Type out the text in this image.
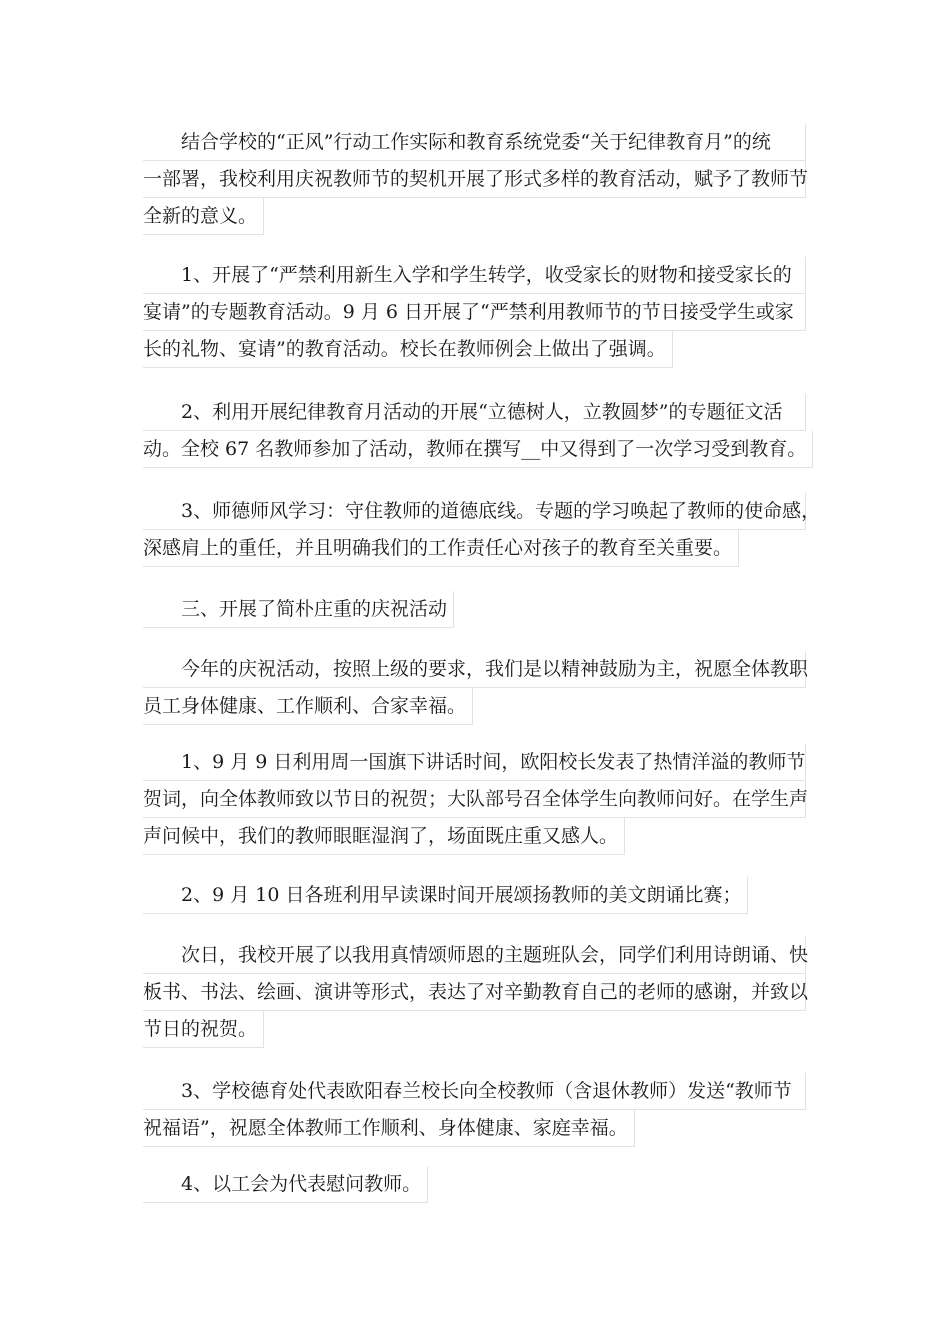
结合学校的“正风”行动工作实际和教育系统党委“关于纪律教育月”的统
一部署，我校利用庆祝教师节的契机开展了形式多样的教育活动，赋予了教师节
全新的意义。
1、开展了“严禁利用新生入学和学生转学，收受家长的财物和接受家长的
宴请”的专题教育活动。9 月 6 日开展了“严禁利用教师节的节日接受学生或家
长的礼物、宴请”的教育活动。校长在教师例会上做出了强调。
2、利用开展纪律教育月活动的开展“立德树人，立教圆梦”的专题征文活
动。全校 67 名教师参加了活动，教师在撰写__中又得到了一次学习受到教育。
3、师德师风学习：守住教师的道德底线。专题的学习唤起了教师的使命感，
深感肩上的重任，并且明确我们的工作责任心对孩子的教育至关重要。
三、开展了简朴庄重的庆祝活动
今年的庆祝活动，按照上级的要求，我们是以精神鼓励为主，祝愿全体教职
员工身体健康、工作顺利、合家幸福。
1、9 月 9 日利用周一国旗下讲话时间，欧阳校长发表了热情洋溢的教师节
贺词，向全体教师致以节日的祝贺；大队部号召全体学生向教师问好。在学生声
声问候中，我们的教师眼眶湿润了，场面既庄重又感人。
2、9 月 10 日各班利用早读课时间开展颂扬教师的美文朗诵比赛；
次日，我校开展了以我用真情颂师恩的主题班队会，同学们利用诗朗诵、快
板书、书法、绘画、演讲等形式，表达了对辛勤教育自己的老师的感谢，并致以
节日的祝贺。
3、学校德育处代表欧阳春兰校长向全校教师（含退休教师）发送“教师节
祝福语”，祝愿全体教师工作顺利、身体健康、家庭幸福。
4、以工会为代表慰问教师。
